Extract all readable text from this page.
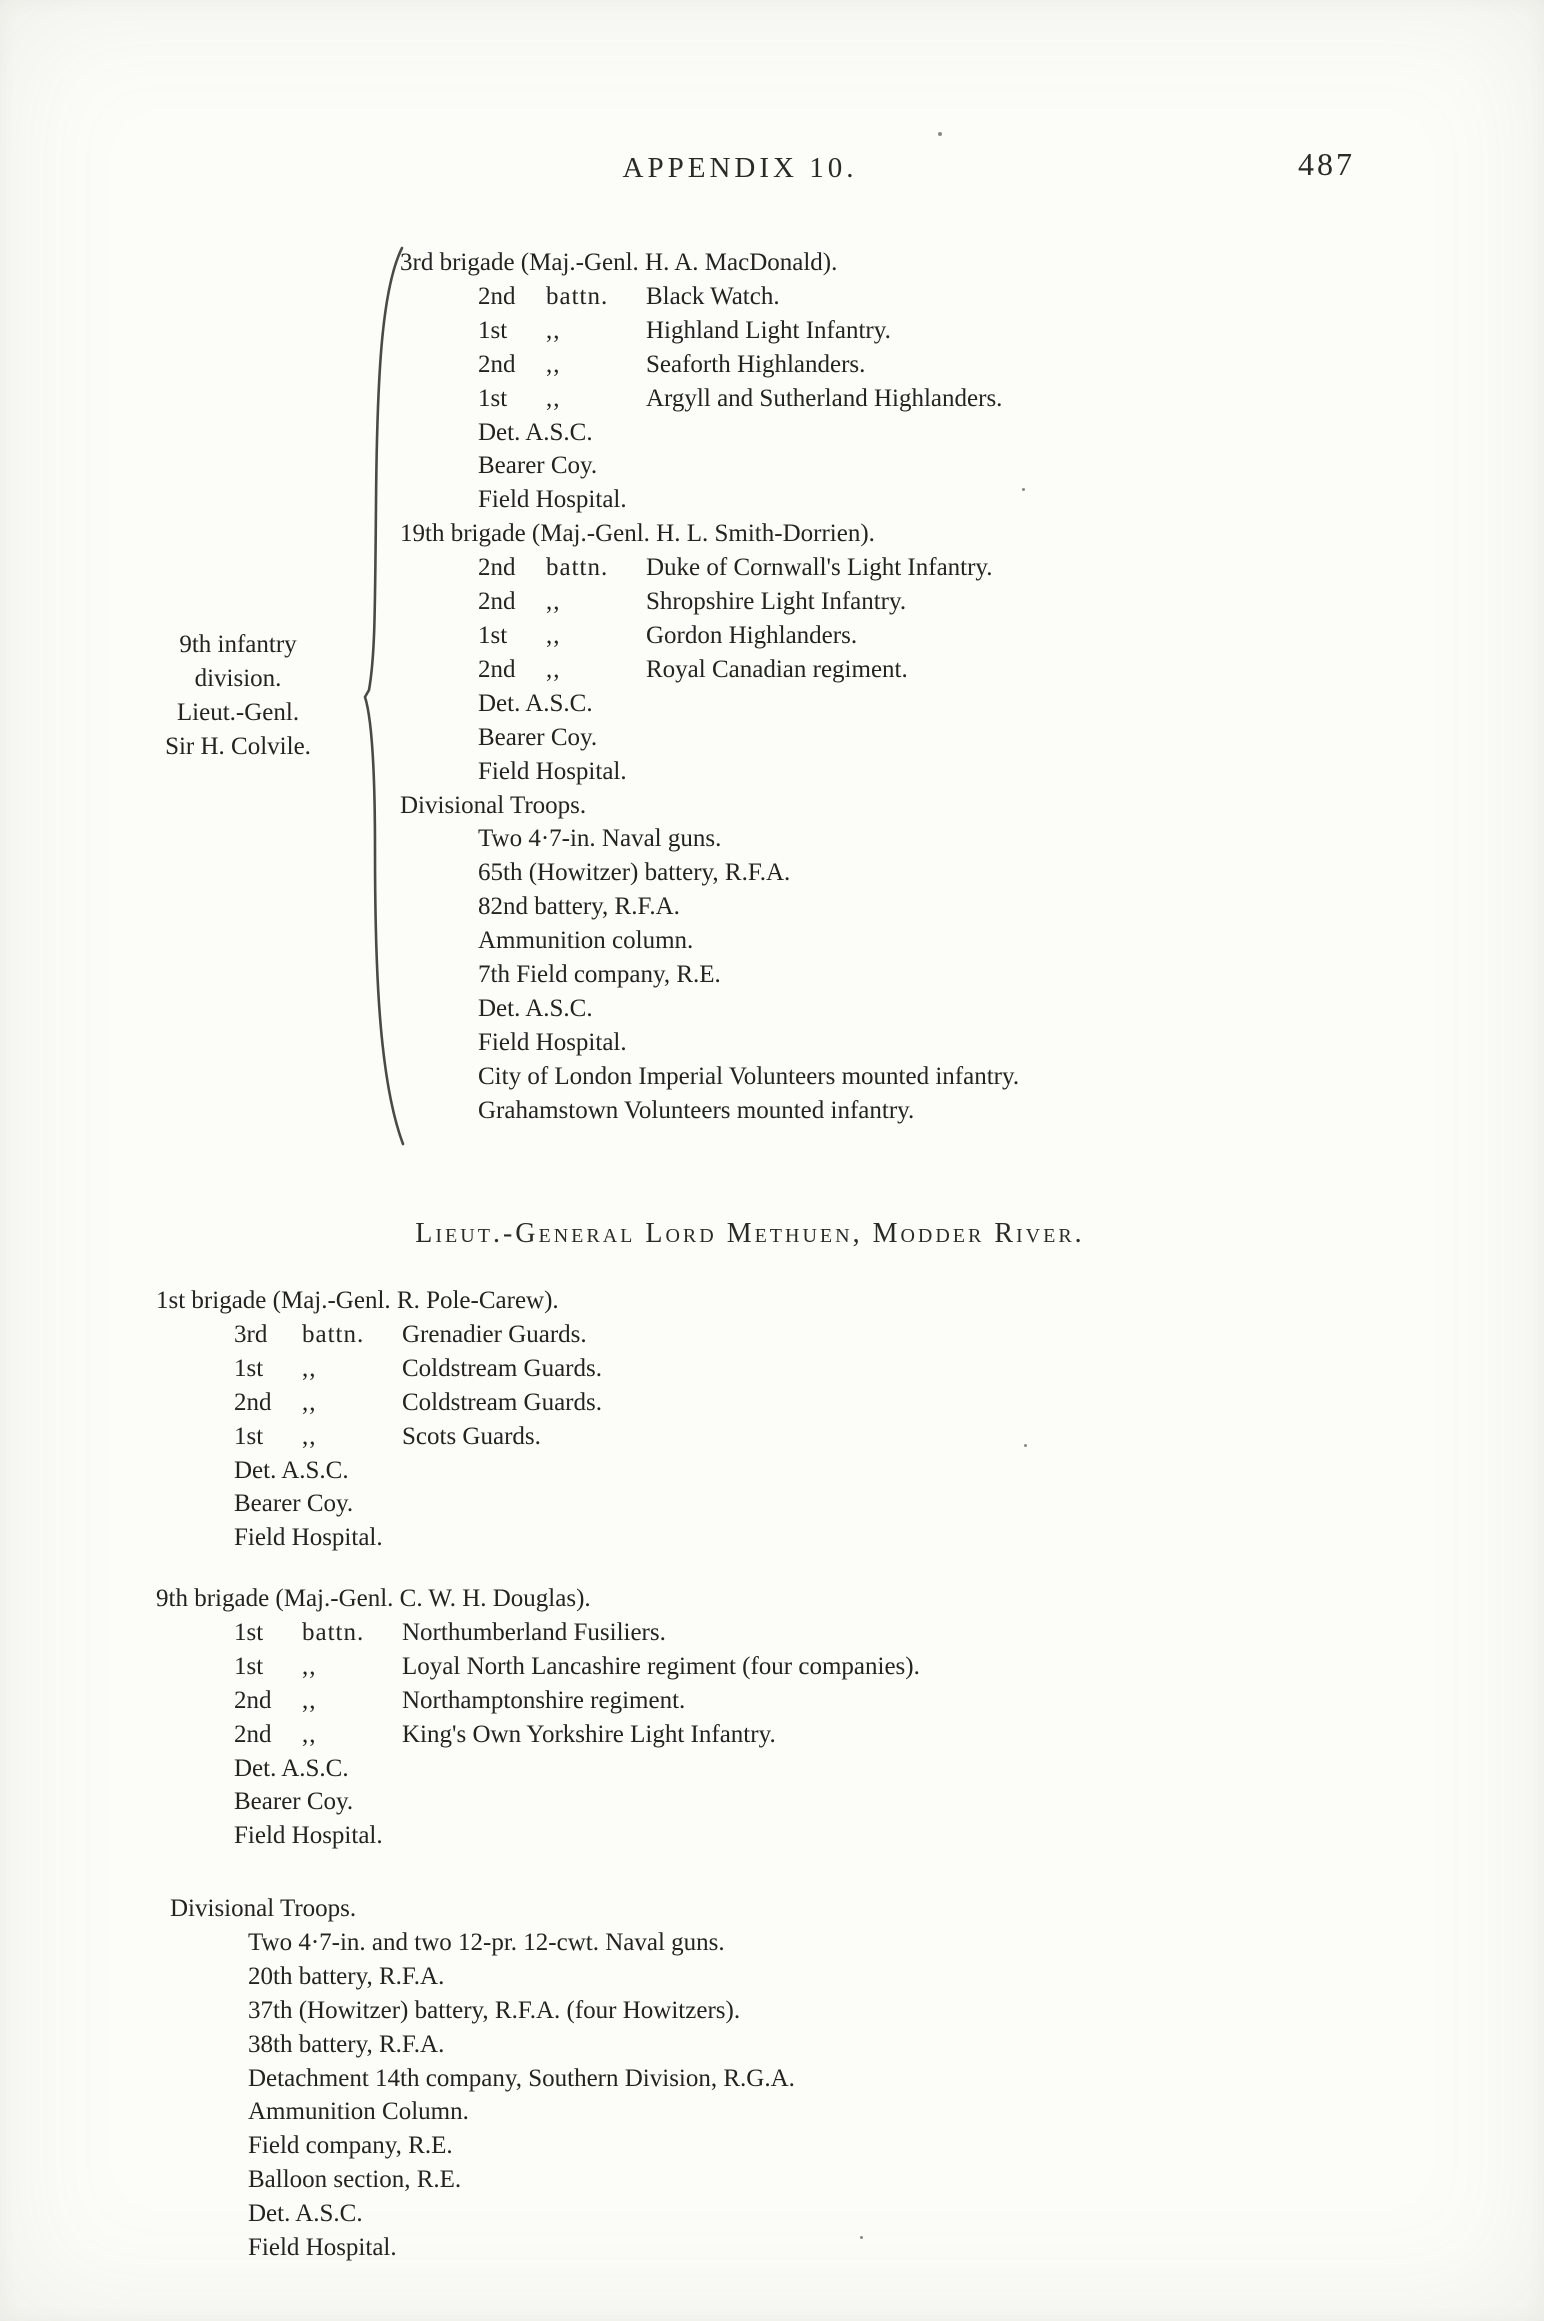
APPENDIX 10.	487
9th infantry
division.
Lieut.-Genl.
Sir H. Colvile.
3rd brigade (Maj.-Genl. H. A. MacDonald).
2nd battn. Black Watch.
1st ,,	Highland Light Infantry.
2nd ,,	Seaforth Highlanders.
1st ,,	Argyll and Sutherland Highlanders.
Det. A.S.C.
Bearer Coy.
Field Hospital.
19th brigade (Maj.-Genl. H. L. Smith-Dorrien).
2nd battn. Duke of Cornwall's Light Infantry.
2nd ,,	Shropshire Light Infantry.
1st ,,	Gordon Highlanders.
2nd ,,	Royal Canadian regiment.
Det. A.S.C.
Bearer Coy.
Field Hospital.
Divisional Troops.
Two 4·7-in. Naval guns.
65th (Howitzer) battery, R.F.A.
82nd battery, R.F.A.
Ammunition column.
7th Field company, R.E.
Det. A.S.C.
Field Hospital.
City of London Imperial Volunteers mounted infantry.
Grahamstown Volunteers mounted infantry.
Lieut.-General Lord Methuen, Modder River.
1st brigade (Maj.-Genl. R. Pole-Carew).
3rd battn. Grenadier Guards.
1st ,,	Coldstream Guards.
2nd ,,	Coldstream Guards.
1st ,,	Scots Guards.
Det. A.S.C.
Bearer Coy.
Field Hospital.
9th brigade (Maj.-Genl. C. W. H. Douglas).
1st battn. Northumberland Fusiliers.
1st ,,	Loyal North Lancashire regiment (four companies).
2nd ,,	Northamptonshire regiment.
2nd ,,	King's Own Yorkshire Light Infantry.
Det. A.S.C.
Bearer Coy.
Field Hospital.
Divisional Troops.
Two 4·7-in. and two 12-pr. 12-cwt. Naval guns.
20th battery, R.F.A.
37th (Howitzer) battery, R.F.A. (four Howitzers).
38th battery, R.F.A.
Detachment 14th company, Southern Division, R.G.A.
Ammunition Column.
Field company, R.E.
Balloon section, R.E.
Det. A.S.C.
Field Hospital.
